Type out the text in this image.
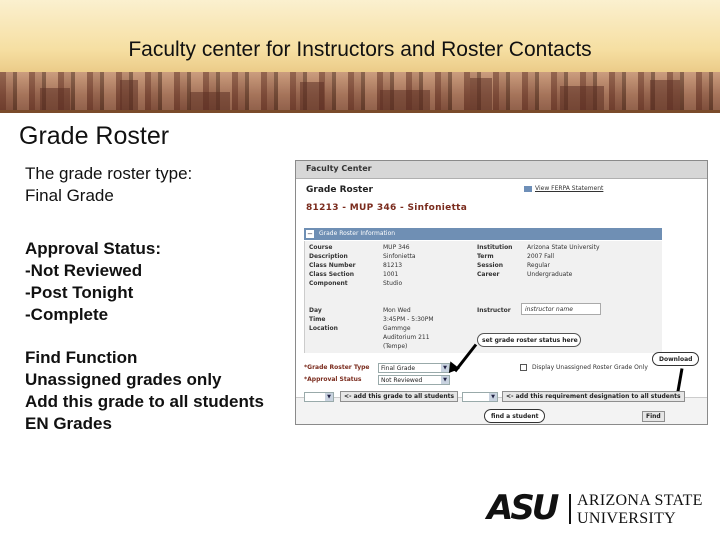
Faculty center for Instructors and Roster Contacts
Grade Roster
The grade roster type:
Final Grade
Approval Status:
-Not Reviewed
-Post Tonight
-Complete
Find Function
Unassigned grades only
Add this grade to all students
EN Grades
Faculty Center
Grade Roster	View FERPA Statement
81213 - MUP 346 - Sinfonietta
− Grade Roster Information
Course	MUP 346
Description	Sinfonietta
Class Number	81213
Class Section	1001
Component	Studio
Institution Arizona State University
Term	2007 Fall
Session	Regular
Career	Undergraduate
Day	Mon Wed
Time	3:45PM - 5:30PM
Location	Gammge
Auditorium 211
(Tempe)
Instructor instructor name
set grade roster status here
*Grade Roster Type Final Grade	▼
*Approval Status	Not Reviewed	▼
Display Unassigned Roster Grade Only
Download
▼	<- add this grade to all students	▼	<- add this requirement designation to all students
find a student	Find
ASU ARIZONA STATE
UNIVERSITY
